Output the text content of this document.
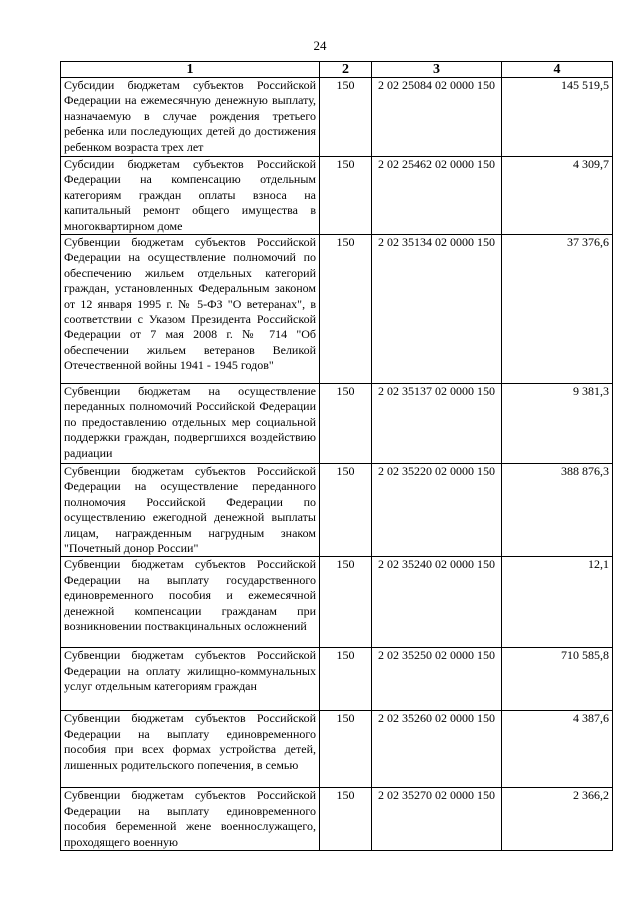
24
1	2	3	4
Субсидии бюджетам субъектов Российской Федерации на ежемесячную денежную выплату, назначаемую в случае рождения третьего ребенка или последующих детей до достижения ребенком возраста трех лет	150	2 02 25084 02 0000 150	145 519,5

Субсидии бюджетам субъектов Российской Федерации на компенсацию отдельным категориям граждан оплаты взноса на капитальный ремонт общего имущества в многоквартирном доме	150	2 02 25462 02 0000 150	4 309,7

Субвенции бюджетам субъектов Российской Федерации на осуществление полномочий по обеспечению жильем отдельных категорий граждан, установленных Федеральным законом от 12 января 1995 г. № 5-ФЗ "О ветеранах", в соответствии с Указом Президента Российской Федерации от 7 мая 2008 г. № 714 "Об обеспечении жильем ветеранов Великой Отечественной войны 1941 - 1945 годов"	150	2 02 35134 02 0000 150	37 376,6

Субвенции бюджетам на осуществление переданных полномочий Российской Федерации по предоставлению отдельных мер социальной поддержки граждан, подвергшихся воздействию радиации	150	2 02 35137 02 0000 150	9 381,3

Субвенции бюджетам субъектов Российской Федерации на осуществление переданного полномочия Российской Федерации по осуществлению ежегодной денежной выплаты лицам, награжденным нагрудным знаком "Почетный донор России"	150	2 02 35220 02 0000 150	388 876,3

Субвенции бюджетам субъектов Российской Федерации на выплату государственного единовременного пособия и ежемесячной денежной компенсации гражданам при возникновении поствакцинальных осложнений	150	2 02 35240 02 0000 150	12,1

Субвенции бюджетам субъектов Российской Федерации на оплату жилищно-коммунальных услуг отдельным категориям граждан	150	2 02 35250 02 0000 150	710 585,8

Субвенции бюджетам субъектов Российской Федерации на выплату единовременного пособия при всех формах устройства детей, лишенных родительского попечения, в семью	150	2 02 35260 02 0000 150	4 387,6

Субвенции бюджетам субъектов Российской Федерации на выплату единовременного пособия беременной жене военнослужащего, проходящего военную	150	2 02 35270 02 0000 150	2 366,2
